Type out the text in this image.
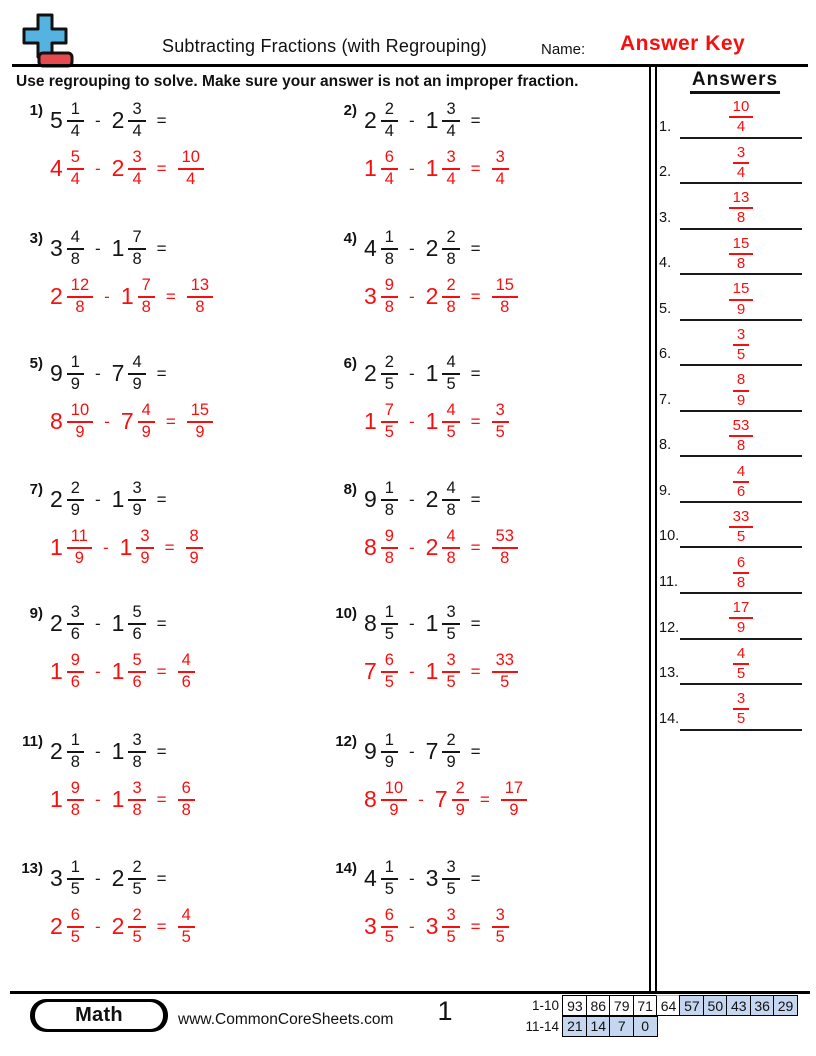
Subtracting Fractions (with Regrouping)	Name: Answer Key
Use regrouping to solve. Make sure your answer is not an improper fraction.	Answers
1.	$\frac{10}{4}$
2.	$\frac{3}{4}$
3.	$\frac{13}{8}$
4.	$\frac{15}{8}$
5.	$\frac{15}{9}$
6.	$\frac{3}{5}$
7.	$\frac{8}{9}$
8.	$\frac{53}{8}$
9.	$\frac{4}{6}$
10.	$\frac{33}{5}$
11.	$\frac{6}{8}$
12.	$\frac{17}{9}$
13.	$\frac{4}{5}$
14.	$\frac{3}{5}$
1) $5 \frac{1}{4} - 2 \frac{3}{4}$ =
$4 \frac{5}{4} - 2 \frac{3}{4} = \frac{10}{4}$
2) $2 \frac{2}{4} - 1 \frac{3}{4}$ =
$1 \frac{6}{4} - 1 \frac{3}{4} = \frac{3}{4}$
3) $3 \frac{4}{8} - 1 \frac{7}{8}$ =
$2 \frac{12}{8} - 1 \frac{7}{8} = \frac{13}{8}$
4) $4 \frac{1}{8} - 2 \frac{2}{8}$ =
$3 \frac{9}{8} - 2 \frac{2}{8} = \frac{15}{8}$
5) $9 \frac{1}{9} - 7 \frac{4}{9}$ =
$8 \frac{10}{9} - 7 \frac{4}{9} = \frac{15}{9}$
6) $2 \frac{2}{5} - 1 \frac{4}{5}$ =
$1 \frac{7}{5} - 1 \frac{4}{5} = \frac{3}{5}$
7) $2 \frac{2}{9} - 1 \frac{3}{9}$ =
$1 \frac{11}{9} - 1 \frac{3}{9} = \frac{8}{9}$
8) $9 \frac{1}{8} - 2 \frac{4}{8}$ =
$8 \frac{9}{8} - 2 \frac{4}{8} = \frac{53}{8}$
9) $2 \frac{3}{6} - 1 \frac{5}{6}$ =
$1 \frac{9}{6} - 1 \frac{5}{6} = \frac{4}{6}$
10) $8 \frac{1}{5} - 1 \frac{3}{5}$ =
$7 \frac{6}{5} - 1 \frac{3}{5} = \frac{33}{5}$
11) $2 \frac{1}{8} - 1 \frac{3}{8}$ =
$1 \frac{9}{8} - 1 \frac{3}{8} = \frac{6}{8}$
12) $9 \frac{1}{9} - 7 \frac{2}{9}$ =
$8 \frac{10}{9} - 7 \frac{2}{9} = \frac{17}{9}$
13) $3 \frac{1}{5} - 2 \frac{2}{5}$ =
$2 \frac{6}{5} - 2 \frac{2}{5} = \frac{4}{5}$
14) $4 \frac{1}{5} - 3 \frac{3}{5}$ =
$3 \frac{6}{5} - 3 \frac{3}{5} = \frac{3}{5}$
Math	www.CommonCoreSheets.com	1	1-10 93 86 79 71 64 57 50 43 36 29
11-14 21 14 7	0
